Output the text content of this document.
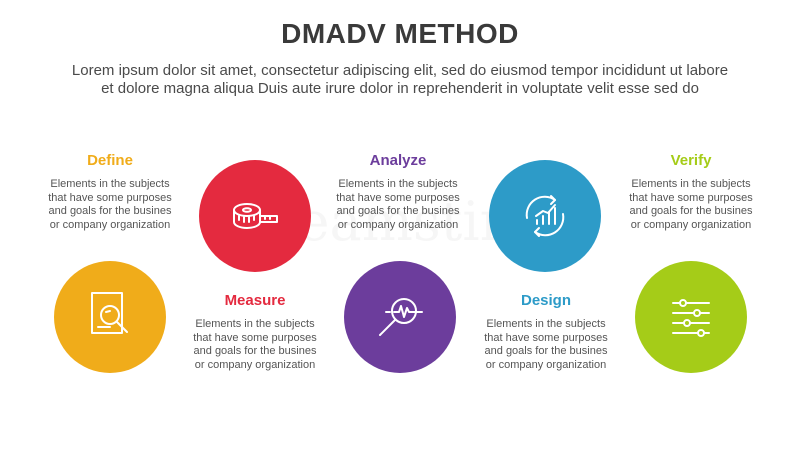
DMADV METHOD
Lorem ipsum dolor sit amet, consectetur adipiscing elit, sed do eiusmod tempor incididunt ut labore
et dolore magna aliqua Duis aute irure dolor in reprehenderit in voluptate velit esse sed do
Define
Elements in the subjects
that have some purposes
and goals for the busines
or company organization
Measure
Elements in the subjects
that have some purposes
and goals for the busines
or company organization
Analyze
Elements in the subjects
that have some purposes
and goals for the busines
or company organization
Design
Elements in the subjects
that have some purposes
and goals for the busines
or company organization
Verify
Elements in the subjects
that have some purposes
and goals for the busines
or company organization
